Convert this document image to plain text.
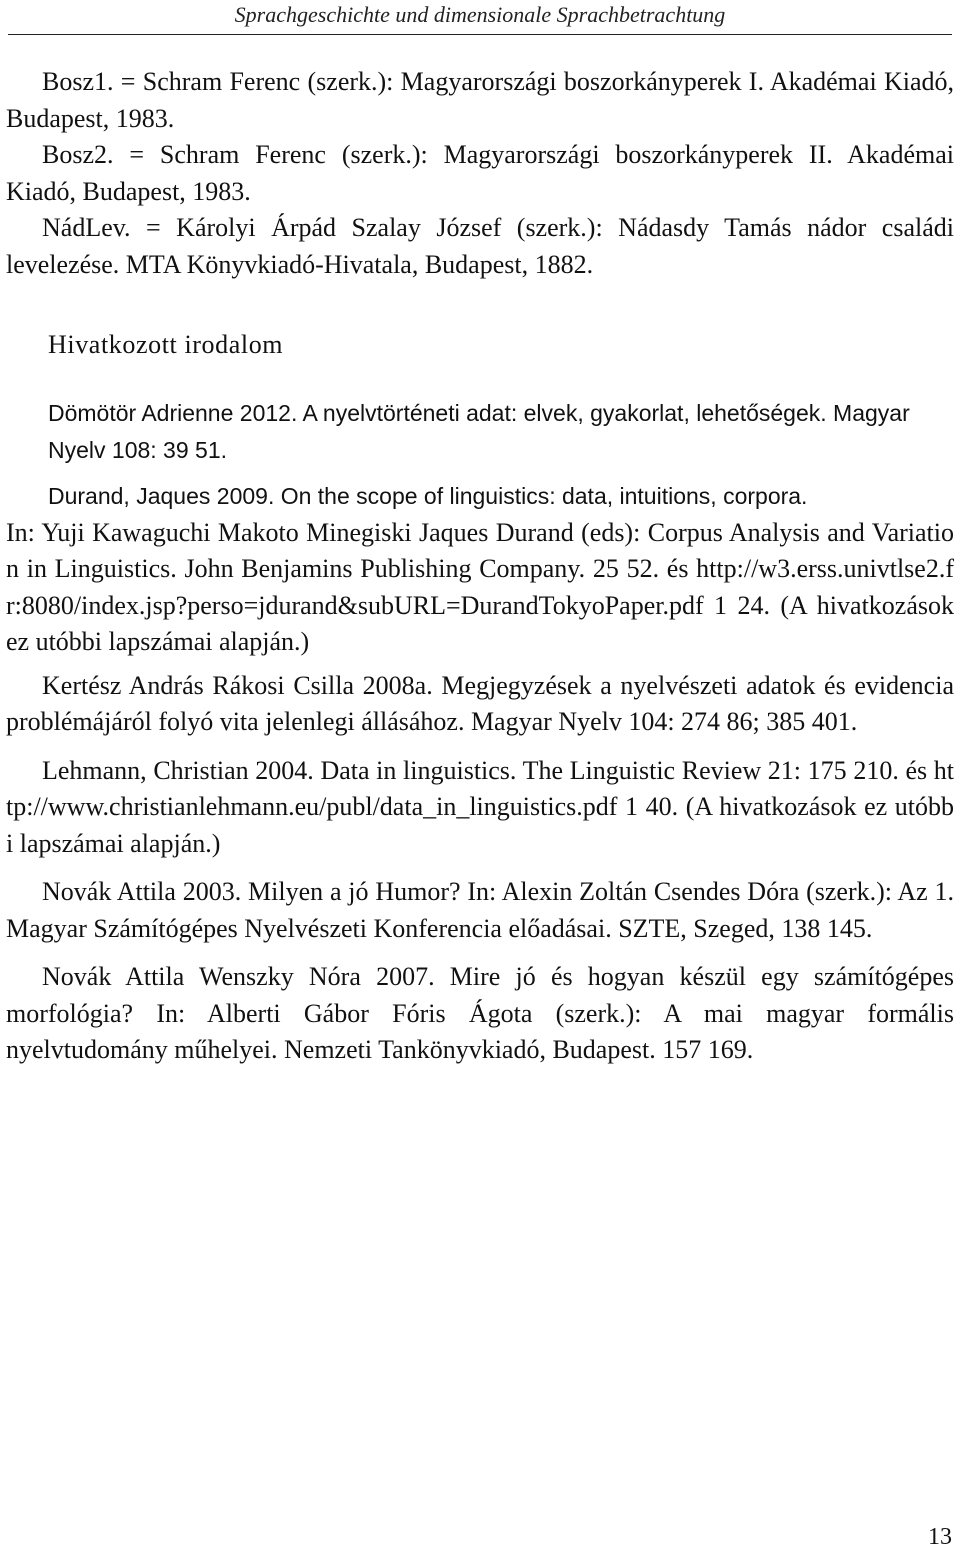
Sprachgeschichte und dimensionale Sprachbetrachtung

Bosz1. = Schram Ferenc (szerk.): Magyarországi boszorkányperek I. Akadémai Kiadó, Budapest, 1983.

Bosz2. = Schram Ferenc (szerk.): Magyarországi boszorkányperek II. Akadémai Kiadó, Budapest, 1983.

NádLev. = Károlyi Árpád Szalay József (szerk.): Nádasdy Tamás nádor családi levelezése. MTA Könyvkiadó-Hivatala, Budapest, 1882.

Hivatkozott irodalom

Dömötör Adrienne 2012. A nyelvtörténeti adat: elvek, gyakorlat, lehetőségek. Magyar Nyelv 108: 39 51.

Durand, Jaques 2009. On the scope of linguistics: data, intuitions, corpora.

In: Yuji Kawaguchi Makoto Minegiski Jaques Durand (eds): Corpus Analysis and Variation in Linguistics. John Benjamins Publishing Company. 25 52. és http://w3.erss.univtlse2.fr:8080/index.jsp?perso=jdurand&subURL=DurandTokyoPaper.pdf 1 24. (A hivatkozások ez utóbbi lapszámai alapján.)

Kertész András Rákosi Csilla 2008a. Megjegyzések a nyelvészeti adatok és evidencia problémájáról folyó vita jelenlegi állásához. Magyar Nyelv 104: 274 86; 385 401.

Lehmann, Christian 2004. Data in linguistics. The Linguistic Review 21: 175 210. és http://www.christianlehmann.eu/publ/data_in_linguistics.pdf 1 40. (A hivatkozások ez utóbbi lapszámai alapján.)

Novák Attila 2003. Milyen a jó Humor? In: Alexin Zoltán Csendes Dóra (szerk.): Az 1. Magyar Számítógépes Nyelvészeti Konferencia előadásai. SZTE, Szeged, 138 145.

Novák Attila Wenszky Nóra 2007. Mire jó és hogyan készül egy számítógépes morfológia? In: Alberti Gábor Fóris Ágota (szerk.): A mai magyar formális nyelvtudomány műhelyei. Nemzeti Tankönyvkiadó, Budapest. 157 169.

13
